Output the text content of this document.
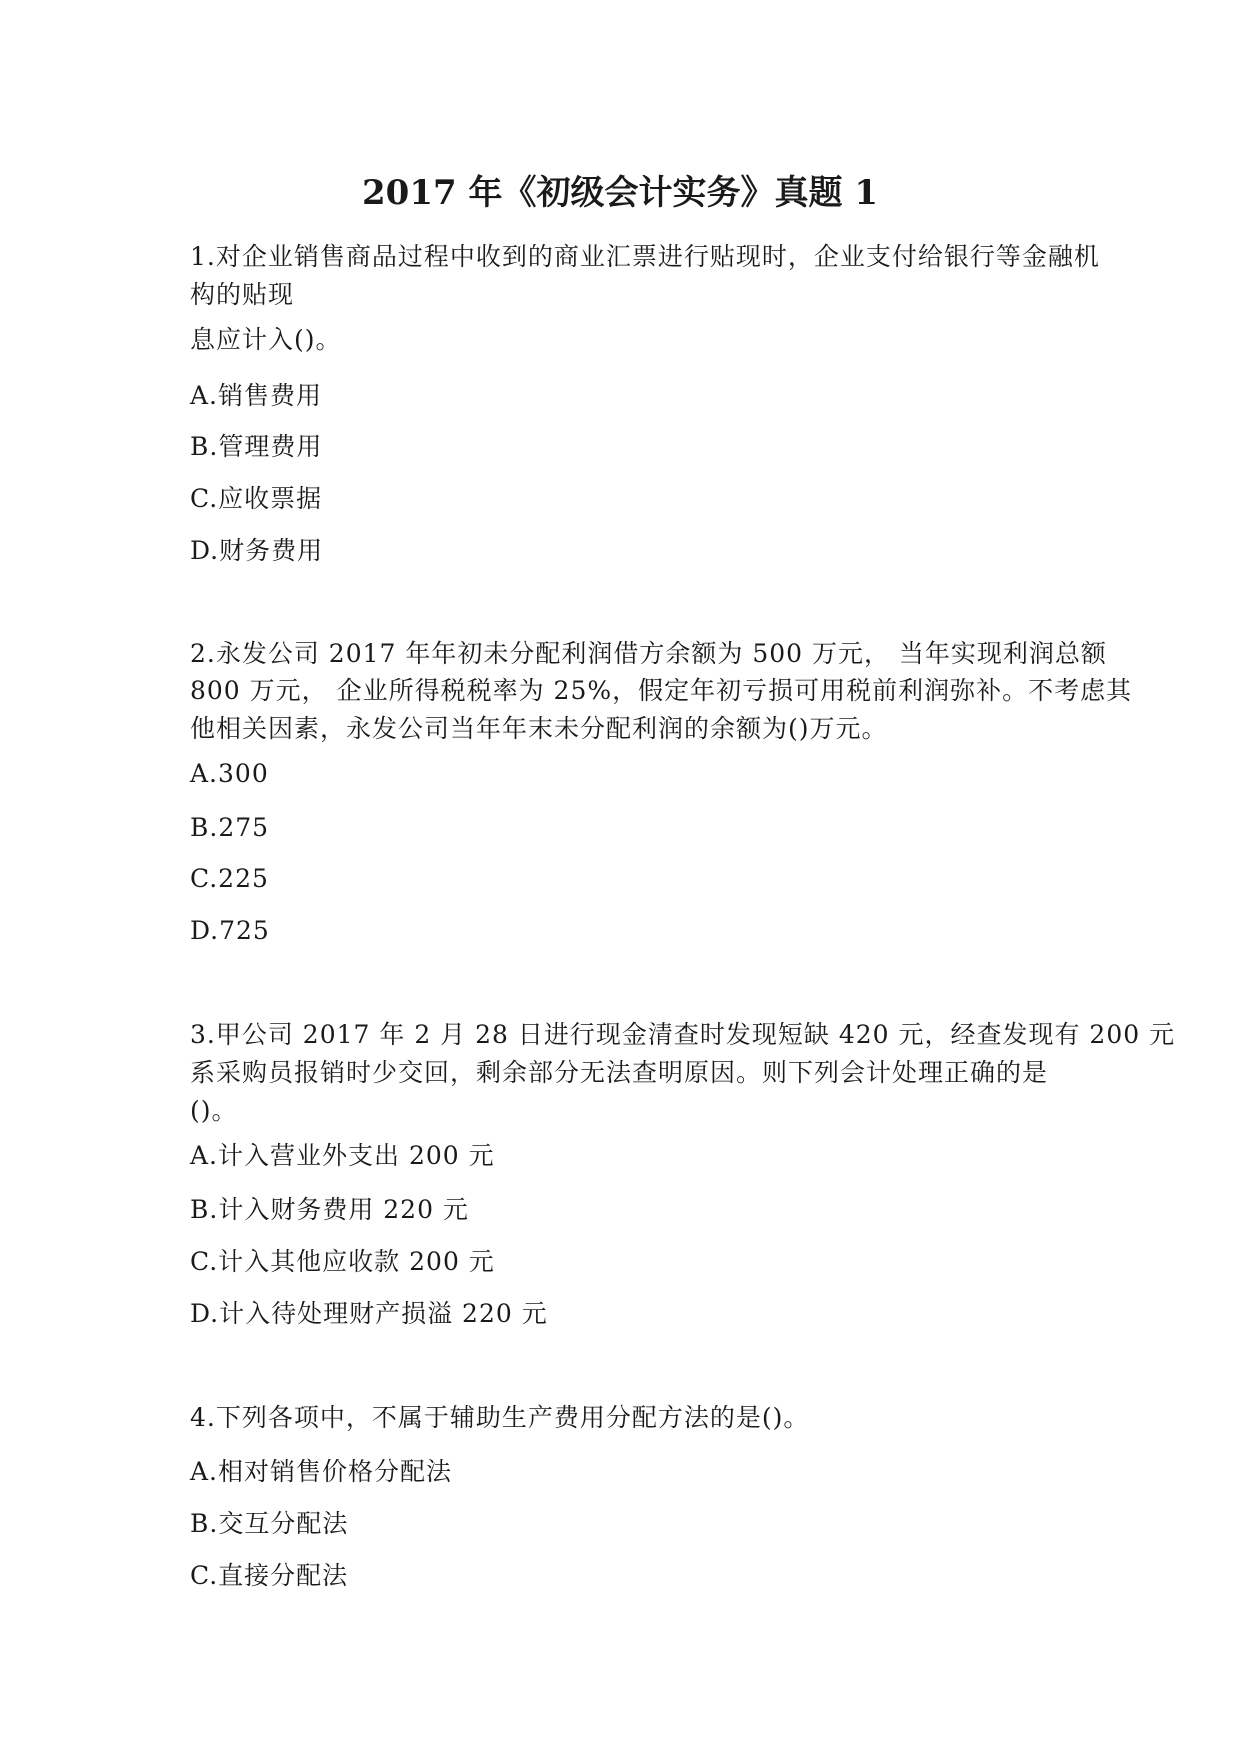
2017 年《初级会计实务》真题 1
1.对企业销售商品过程中收到的商业汇票进行贴现时，企业支付给银行等金融机
构的贴现
息应计入()。
A.销售费用
B.管理费用
C.应收票据
D.财务费用
2.永发公司 2017 年年初未分配利润借方余额为 500 万元， 当年实现利润总额
800 万元， 企业所得税税率为 25%，假定年初亏损可用税前利润弥补。不考虑其
他相关因素，永发公司当年年末未分配利润的余额为()万元。
A.300
B.275
C.225
D.725
3.甲公司 2017 年 2 月 28 日进行现金清查时发现短缺 420 元，经查发现有 200 元
系采购员报销时少交回，剩余部分无法查明原因。则下列会计处理正确的是
()。
A.计入营业外支出 200 元
B.计入财务费用 220 元
C.计入其他应收款 200 元
D.计入待处理财产损溢 220 元
4.下列各项中，不属于辅助生产费用分配方法的是()。
A.相对销售价格分配法
B.交互分配法
C.直接分配法
